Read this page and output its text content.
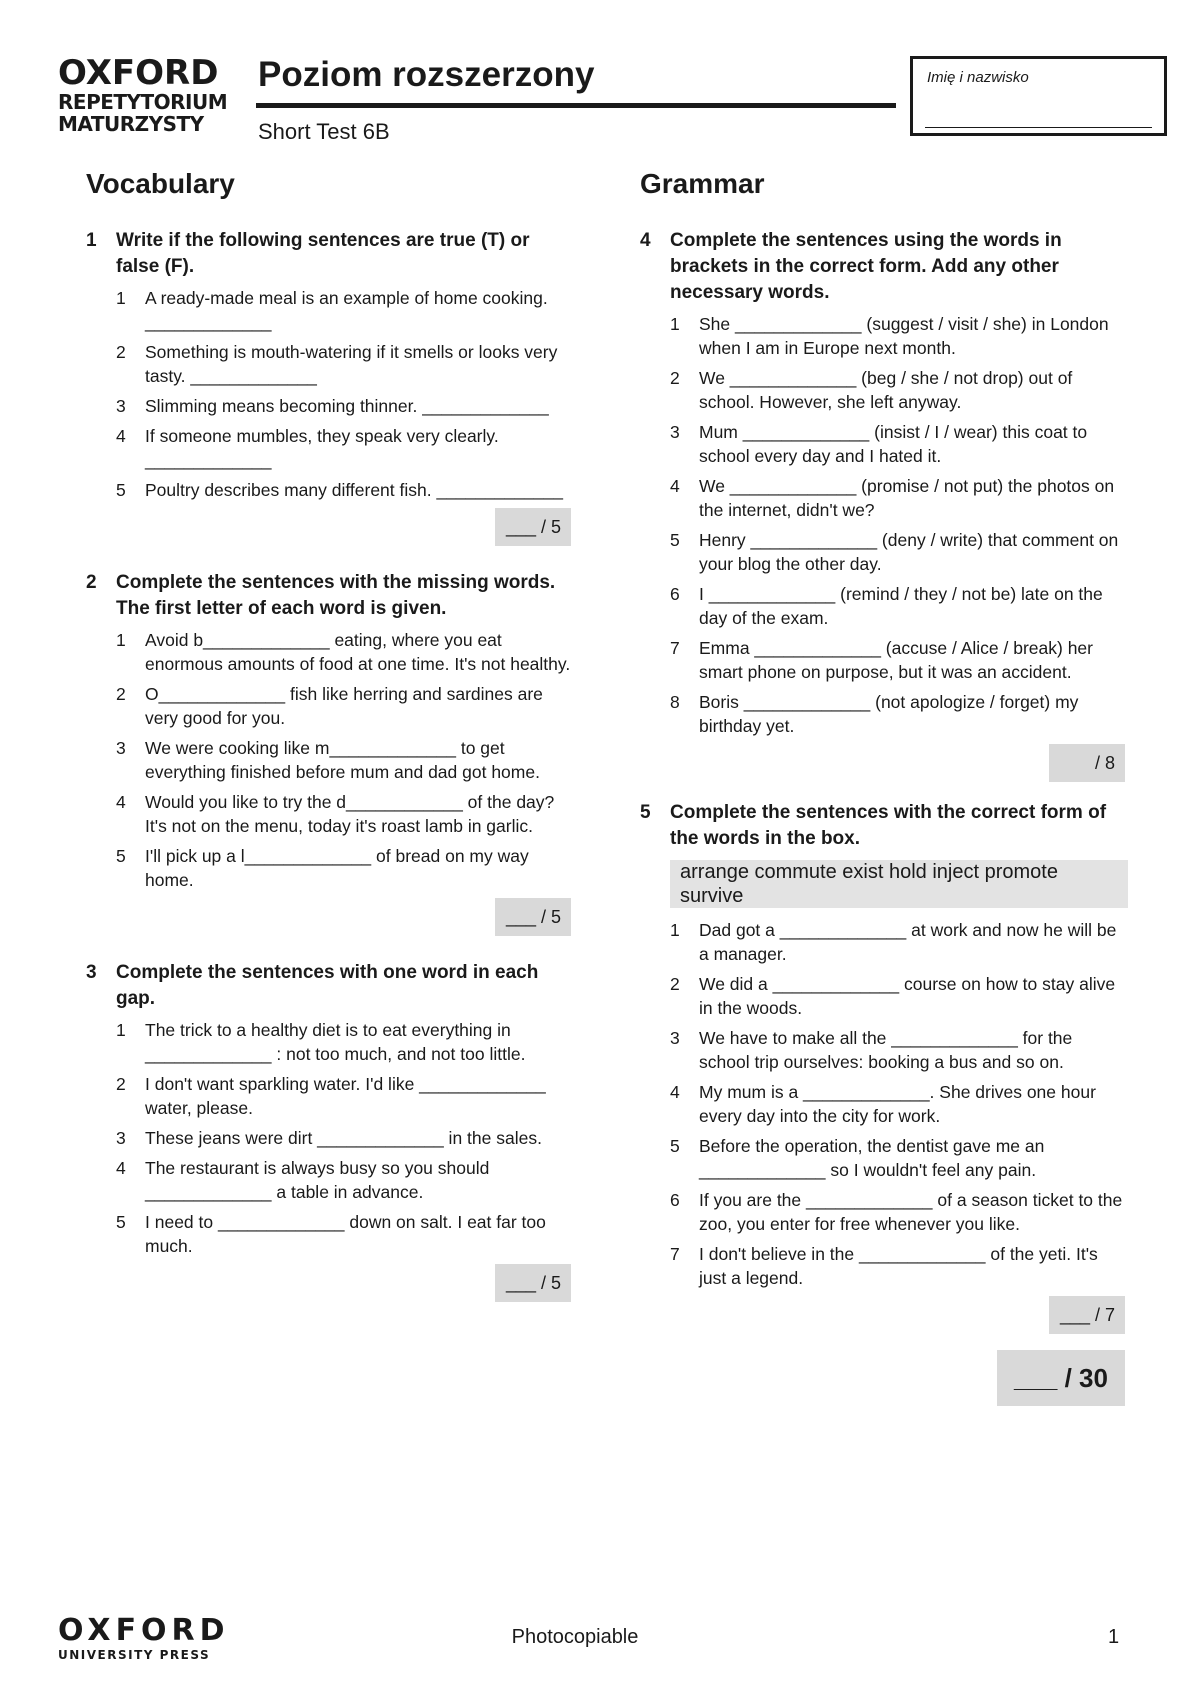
OXFORD
REPETYTORIUM
MATURZYSTY
Poziom rozszerzony
Short Test 6B
Imię i nazwisko
Vocabulary
1	Write if the following sentences are true (T) or false (F).
1	A ready-made meal is an example of home cooking. _____________
2	Something is mouth-watering if it smells or looks very tasty. _____________
3	Slimming means becoming thinner. _____________
4	If someone mumbles, they speak very clearly. _____________
5	Poultry describes many different fish. _____________
___ / 5
2	Complete the sentences with the missing words. The first letter of each word is given.
1	Avoid b_____________ eating, where you eat enormous amounts of food at one time. It's not healthy.
2	O_____________ fish like herring and sardines are very good for you.
3	We were cooking like m_____________ to get everything finished before mum and dad got home.
4	Would you like to try the d____________ of the day? It's not on the menu, today it's roast lamb in garlic.
5	I'll pick up a l_____________ of bread on my way home.
___ / 5
3	Complete the sentences with one word in each gap.
1	The trick to a healthy diet is to eat everything in _____________ : not too much, and not too little.
2	I don't want sparkling water. I'd like _____________ water, please.
3	These jeans were dirt _____________ in the sales.
4	The restaurant is always busy so you should _____________ a table in advance.
5	I need to _____________ down on salt. I eat far too much.
___ / 5
Grammar
4	Complete the sentences using the words in brackets in the correct form. Add any other necessary words.
1	She _____________ (suggest / visit / she) in London when I am in Europe next month.
2	We _____________ (beg / she / not drop) out of school. However, she left anyway.
3	Mum _____________ (insist / I / wear) this coat to school every day and I hated it.
4	We _____________ (promise / not put) the photos on the internet, didn't we?
5	Henry _____________ (deny / write) that comment on your blog the other day.
6	I _____________ (remind / they / not be) late on the day of the exam.
7	Emma _____________ (accuse / Alice / break) her smart phone on purpose, but it was an accident.
8	Boris _____________ (not apologize / forget) my birthday yet.
/ 8
5	Complete the sentences with the correct form of the words in the box.
arrange commute exist hold inject promote survive
1	Dad got a _____________ at work and now he will be a manager.
2	We did a _____________ course on how to stay alive in the woods.
3	We have to make all the _____________ for the school trip ourselves: booking a bus and so on.
4	My mum is a _____________. She drives one hour every day into the city for work.
5	Before the operation, the dentist gave me an _____________ so I wouldn't feel any pain.
6	If you are the _____________ of a season ticket to the zoo, you enter for free whenever you like.
7	I don't believe in the _____________ of the yeti. It's just a legend.
___ / 7
___ / 30
OXFORD
UNIVERSITY PRESS
Photocopiable	1
